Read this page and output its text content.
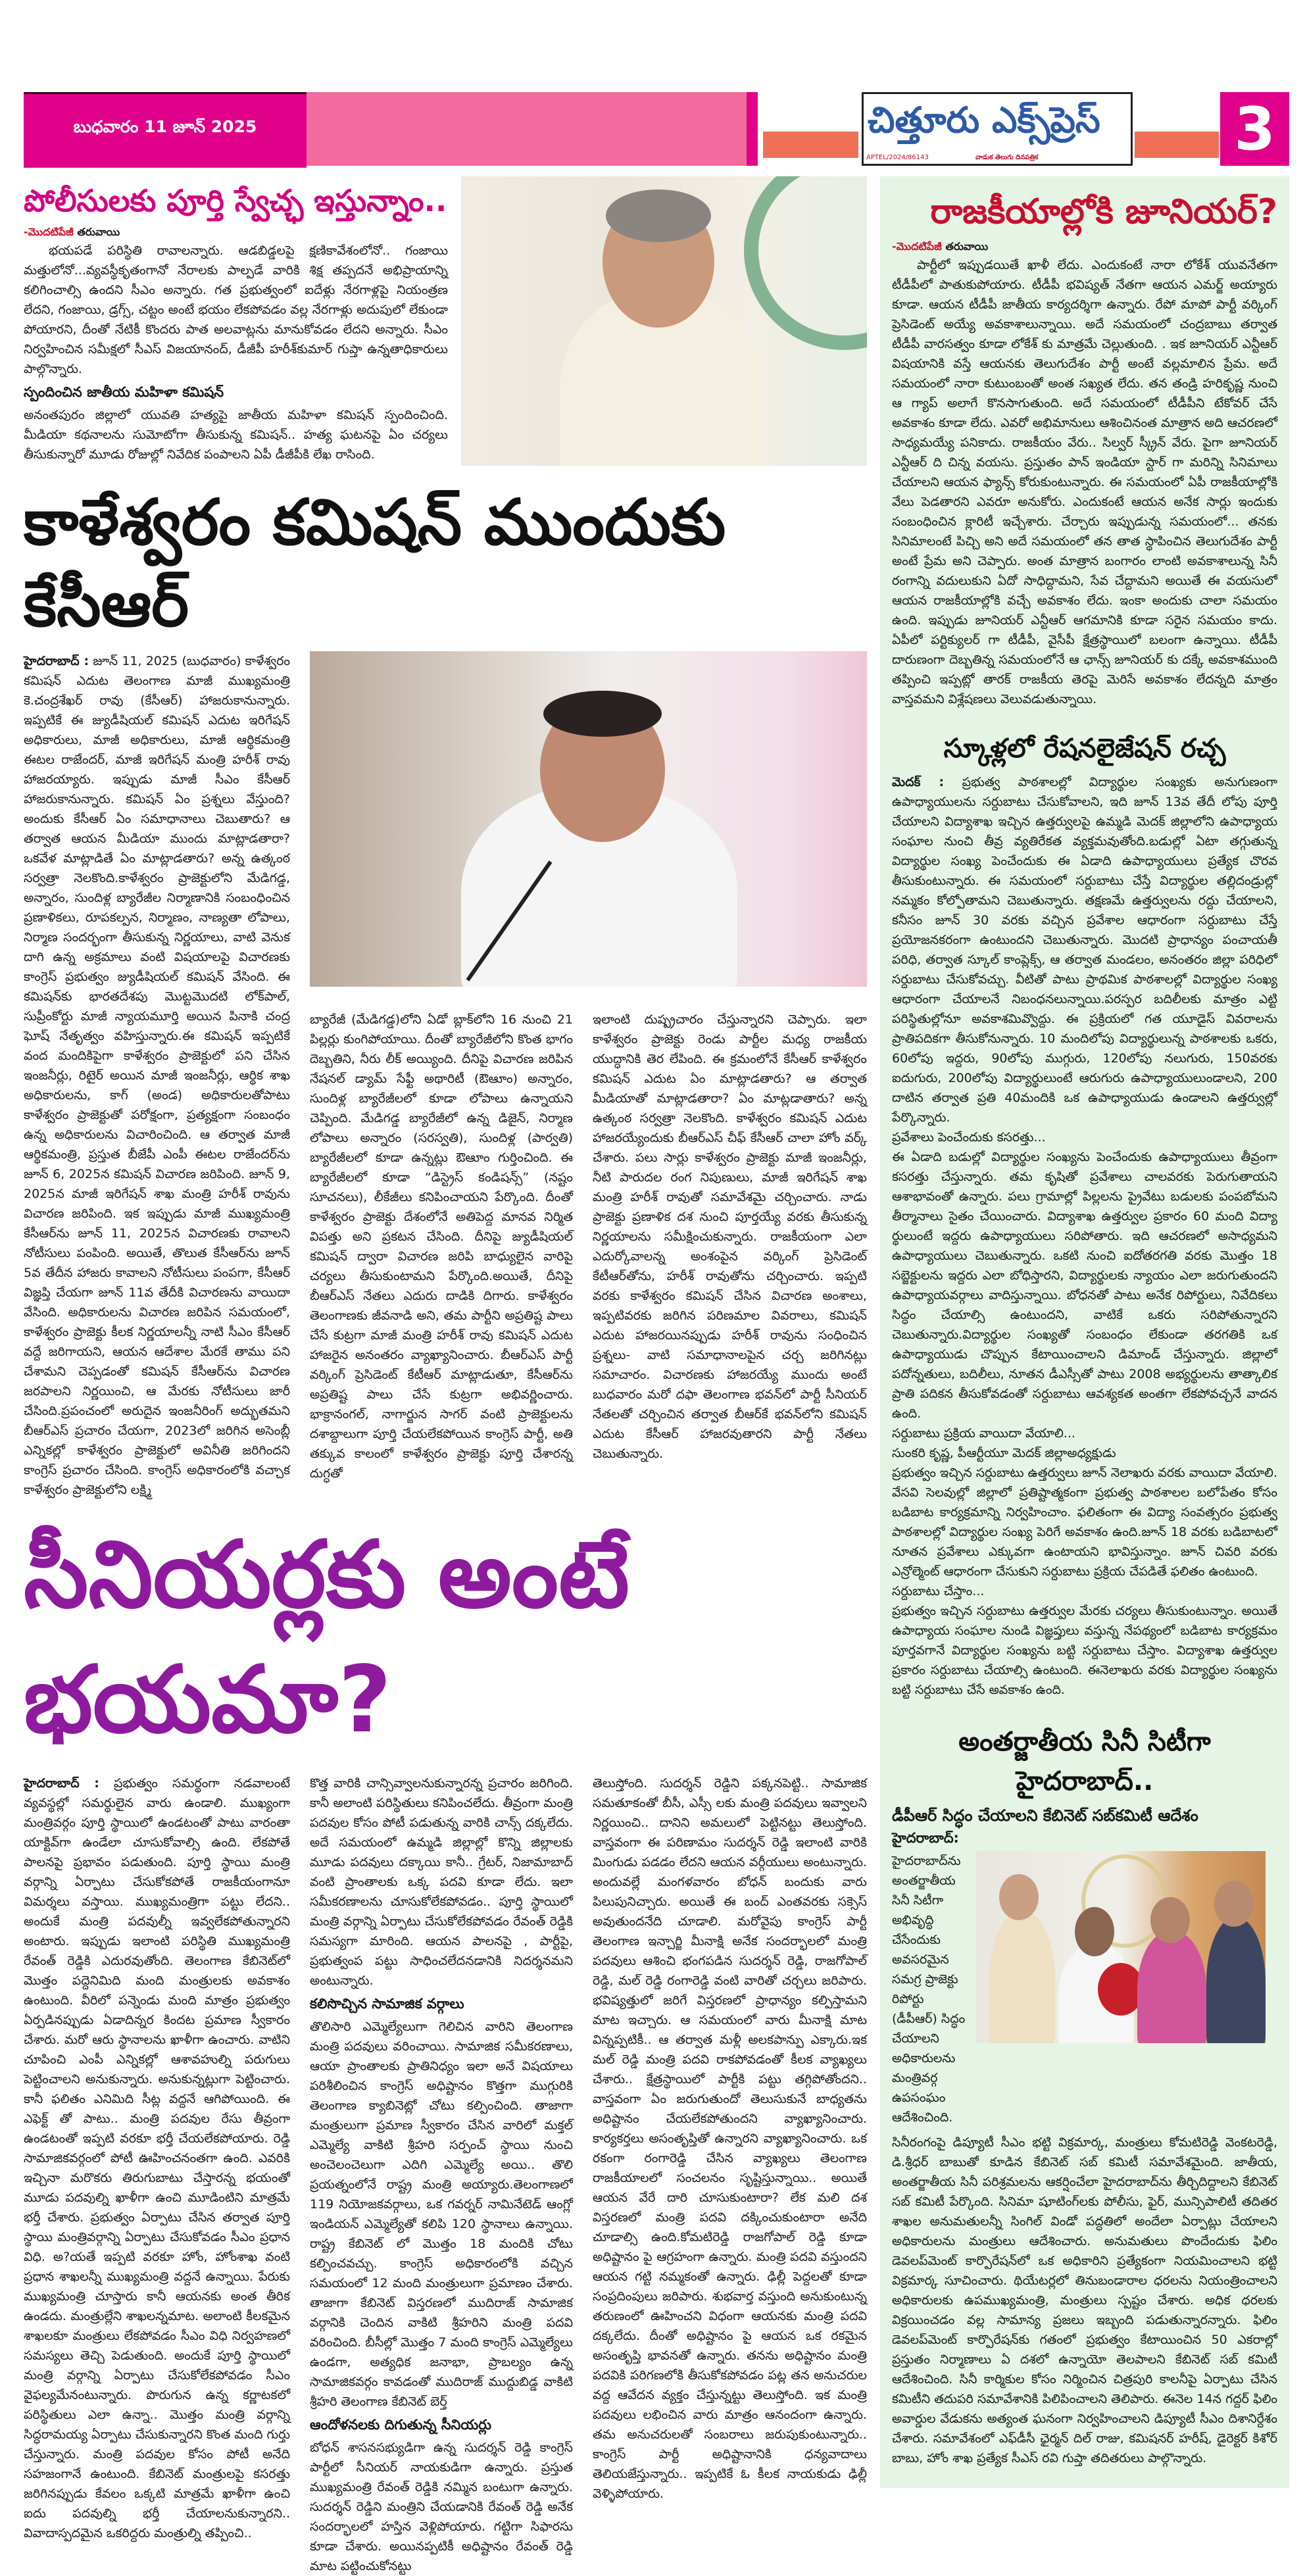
బుధవారం 11 జూన్ 2025	చిత్తూరు ఎక్స్‌ప్రెస్
APTEL/2024/86143	వాడుక తెలుగు దినపత్రిక	3
పోలీసులకు పూర్తి స్వేచ్ఛ ఇస్తున్నాం..
-మొదటిపేజీ తరువాయి

భయపడే పరిస్థితి రావాలన్నారు. ఆడబిడ్డలపై క్షణికావేశంలోనో.. గంజాయి మత్తులోనో...వ్యవస్థీకృతంగానో నేరాలకు పాల్పడే వారికి శిక్ష తప్పదనే అభిప్రాయాన్ని కలిగించాల్సి ఉందని సీఎం అన్నారు. గత ప్రభుత్వంలో ఐదేళ్లు నేరగాళ్లపై నియంత్రణ లేదని, గంజాయి, డ్రగ్స్, చట్టం అంటే భయం లేకపోవడం వల్ల నేరగాళ్లు అదుపులో లేకుండా పోయారని, దీంతో నేటికీ కొందరు పాత అలవాట్లను మానుకోవడం లేదని అన్నారు. సీఎం నిర్వహించిన సమీక్షలో సీఎస్ విజయానంద్, డీజీపీ హరీశ్‌కుమార్ గుప్తా ఉన్నతాధికారులు పాల్గొన్నారు.

స్పందించిన జాతీయ మహిళా కమిషన్

అనంతపురం జిల్లాలో యువతి హత్యపై జాతీయ మహిళా కమిషన్ స్పందించింది. మీడియా కథనాలను సుమోటోగా తీసుకున్న కమిషన్.. హత్య ఘటనపై ఏం చర్యలు తీసుకున్నారో మూడు రోజుల్లో నివేదిక పంపాలని ఏపీ డీజీపీకి లేఖ రాసింది.

కాళేశ్వరం కమిషన్ ముందుకు కేసీఆర్

హైదరాబాద్ : జూన్ 11, 2025 (బుధవారం) కాళేశ్వరం కమిషన్ ఎదుట తెలంగాణ మాజీ ముఖ్యమంత్రి కె.చంద్రశేఖర్ రావు (కేసీఆర్) హాజరుకానున్నారు. ఇప్పటికే ఈ జ్యుడీషియల్ కమిషన్ ఎదుట ఇరిగేషన్ అధికారులు, మాజీ అధికారులు, మాజీ ఆర్థికమంత్రి ఈటల రాజేందర్, మాజీ ఇరిగేషన్ మంత్రి హరీశ్ రావు హాజరయ్యారు. ఇప్పుడు మాజీ సీఎం కేసీఆర్ హాజరుకానున్నారు. కమిషన్ ఏం ప్రశ్నలు వేస్తుంది? అందుకు కేసీఆర్ ఏం సమాధానాలు చెబుతారు? ఆ తర్వాత ఆయన మీడియా ముందు మాట్లాడతారా? ఒకవేళ మాట్లాడితే ఏం మాట్లాడతారు? అన్న ఉత్కంఠ సర్వత్రా నెలకొంది.కాళేశ్వరం ప్రాజెక్టులోని మేడిగడ్డ, అన్నారం, సుందిళ్ల బ్యారేజీల నిర్మాణానికి సంబంధించిన ప్రణాళికలు, రూపకల్పన, నిర్మాణం, నాణ్యతా లోపాలు, నిర్మాణ సందర్భంగా తీసుకున్న నిర్ణయాలు, వాటి వెనుక దాగి ఉన్న అక్రమాలు వంటి విషయాలపై విచారణకు కాంగ్రెస్ ప్రభుత్వం జ్యుడీషియల్ కమిషన్ వేసింది. ఈ కమిషన్‌కు భారతదేశపు మొట్టమొదటి లోక్‌పాల్, సుప్రీంకోర్టు మాజీ న్యాయమూర్తి అయిన పినాకి చంద్ర ఘోష్ నేతృత్వం వహిస్తున్నారు.ఈ కమిషన్ ఇప్పటికే వంద మందికిపైగా కాళేశ్వరం ప్రాజెక్టులో పని చేసిన ఇంజనీర్లు, రిటైర్ అయిన మాజీ ఇంజనీర్లు, ఆర్థిక శాఖ అధికారులను, కాగ్ (అండ) అధికారులతోపాటు కాళేశ్వరం ప్రాజెక్టుతో పరోక్షంగా, ప్రత్యక్షంగా సంబంధం ఉన్న అధికారులను విచారించింది. ఆ తర్వాత మాజీ ఆర్థికమంత్రి, ప్రస్తుత బీజేపీ ఎంపీ ఈటల రాజేందర్‌ను జూన్ 6, 2025న కమిషన్ విచారణ జరిపింది. జూన్ 9, 2025న మాజీ ఇరిగేషన్ శాఖ మంత్రి హరీశ్ రావును విచారణ జరిపింది. ఇక ఇప్పుడు మాజీ ముఖ్యమంత్రి కేసీఆర్‌ను జూన్ 11, 2025న విచారణకు రావాలని నోటీసులు పంపింది. అయితే, తొలుత కేసీఆర్‌ను జూన్ 5వ తేదీన హాజరు కావాలని నోటీసులు పంపగా, కేసీఆర్ విజ్ఞప్తి చేయగా జూన్ 11వ తేదీకి విచారణను వాయిదా వేసింది. అధికారులను విచారణ జరిపిన సమయంలో, కాళేశ్వరం ప్రాజెక్టు కీలక నిర్ణయాలన్నీ నాటి సీఎం కేసీఆర్ వద్దే జరిగాయని, ఆయన ఆదేశాల మేరకే తాము పని చేశామని చెప్పడంతో కమిషన్ కేసీఆర్‌ను విచారణ జరపాలని నిర్ణయించి, ఆ మేరకు నోటీసులు జారీ చేసింది.ప్రపంచంలో అరుదైన ఇంజనీరింగ్ అద్భుతమని బీఆర్ఎస్ ప్రచారం చేయగా, 2023లో జరిగిన అసెంబ్లీ ఎన్నికల్లో కాళేశ్వరం ప్రాజెక్టులో అవినీతి జరిగిందని కాంగ్రెస్ ప్రచారం చేసింది. కాంగ్రెస్ అధికారంలోకి వచ్చాక కాళేశ్వరం ప్రాజెక్టులోని లక్ష్మి

బ్యారేజీ (మేడిగడ్డ)లోని ఏడో బ్లాక్‌లోని 16 నుంచి 21 పిల్లర్లు కుంగిపోయాయి. దీంతో బ్యారేజీలోని కొంత భాగం దెబ్బతిని, నీరు లీక్ అయ్యింది. దీనిపై విచారణ జరిపిన నేషనల్ డ్యామ్ సేఫ్టీ అథారిటీ (ఔఆూం) అన్నారం, సుందిళ్ల బ్యారేజీలలో కూడా లోపాలు ఉన్నాయని చెప్పింది. మేడిగడ్డ బ్యారేజీలో ఉన్న డిజైన్, నిర్మాణ లోపాలు అన్నారం (సరస్వతి), సుందిళ్ల (పార్వతి) బ్యారేజీలలో కూడా ఉన్నట్లు ఔఆూం గుర్తించింది. ఈ బ్యారేజీలలో కూడా “డిస్ట్రెస్ కండిషన్స్” (నష్టం సూచనలు), లీకేజీలు కనిపించాయని పేర్కొంది. దీంతో కాళేశ్వరం ప్రాజెక్టు దేశంలోనే అతిపెద్ద మానవ నిర్మిత విపత్తు అని ప్రకటన చేసింది. దీనిపై జ్యుడీషియల్ కమిషన్ ద్వారా విచారణ జరిపి బాధ్యులైన వారిపై చర్యలు తీసుకుంటామని పేర్కొంది.అయితే, దీనిపై బీఆర్ఎస్ నేతలు ఎదురు దాడికి దిగారు. కాళేశ్వరం తెలంగాణకు జీవనాడి అని, తమ పార్టీని అప్రతిష్ట పాలు చేసే కుట్రగా మాజీ మంత్రి హరీశ్ రావు కమిషన్ ఎదుట హాజరైన అనంతరం వ్యాఖ్యానించారు. బీఆర్ఎస్ పార్టీ వర్కింగ్ ప్రెసిడెంట్ కేటీఆర్ మాట్లాడుతూ, కేసీఆర్‌ను అప్రతిష్ట పాలు చేసే కుట్రగా అభివర్ణించారు. భాక్రానంగల్, నాగార్జున సాగర్ వంటి ప్రాజెక్టులను దశాబ్దాలుగా పూర్తి చేయలేకపోయిన కాంగ్రెస్ పార్టీ, అతి తక్కువ కాలంలో కాళేశ్వరం ప్రాజెక్టు పూర్తి చేశారన్న దుగ్ధతో

ఇలాంటి దుష్ప్రచారం చేస్తున్నారని చెప్పారు. ఇలా కాళేశ్వరం ప్రాజెక్టు రెండు పార్టీల మధ్య రాజకీయ యుద్ధానికి తెర లేపింది. ఈ క్రమంలోనే కేసీఆర్ కాళేశ్వరం కమిషన్ ఎదుట ఏం మాట్లాడతారు? ఆ తర్వాత మీడియాతో మాట్లాడతారా? ఏం మాట్లడాతారు? అన్న ఉత్కంఠ సర్వత్రా నెలకొంది. కాళేశ్వరం కమిషన్ ఎదుట హాజరయ్యేందుకు బీఆర్ఎస్ చీఫ్ కేసీఆర్ చాలా హోం వర్క్ చేశారు. పలు సార్లు కాళేశ్వరం ప్రాజెక్టు మాజీ ఇంజనీర్లు, నీటి పారుదల రంగ నిపుణులు, మాజీ ఇరిగేషన్ శాఖ మంత్రి హరీశ్ రావుతో సమావేశమై చర్చించారు. నాడు ప్రాజెక్టు ప్రణాళిక దశ నుంచి పూర్తయ్యే వరకు తీసుకున్న నిర్ణయాలను సమీక్షించుకున్నారు. రాజకీయంగా ఎలా ఎదుర్కోవాలన్న అంశంపైన వర్కింగ్ ప్రెసిడెంట్ కేటీఆర్‌తోను, హరీశ్ రావుతోను చర్చించారు. ఇప్పటి వరకు కాళేశ్వరం కమిషన్ చేసిన విచారణ అంశాలు, ఇప్పటివరకు జరిగిన పరిణమాల వివరాలు, కమిషన్ ఎదుట హాజరయినప్పుడు హరీశ్ రావును సంధించిన ప్రశ్నలు- వాటి సమాధానాలపైన చర్చ జరిగినట్లు సమాచారం. విచారణకు హాజరయ్యే ముందు అంటే బుధవారం మరో దఫా తెలంగాణ భవన్‌లో పార్టీ సీనియర్ నేతలతో చర్చించిన తర్వాత బీఆర్‌కే భవన్‌లోని కమిషన్ ఎదుట కేసీఆర్ హాజరవుతారని పార్టీ నేతలు చెబుతున్నారు.

సీనియర్లకు అంటే భయమా?

హైదరాబాద్ : ప్రభుత్వం సమర్థంగా నడవాలంటే వ్యవస్థల్లో సమర్థులైన వారు ఉండాలి. ముఖ్యంగా మంత్రివర్గం పూర్తి స్థాయిలో ఉండటంతో పాటు వారంతా యాక్టివ్‌గా ఉండేలా చూసుకోవాల్సి ఉంది. లేకపోతే పాలనపై ప్రభావం పడుతుంది. పూర్తి స్థాయి మంత్రి వర్గాన్ని ఏర్పాటు చేసుకోకపోతే రాజకీయంగానూ విమర్శలు వస్తాయి. ముఖ్యమంత్రిగా పట్టు లేదని.. అందుకే మంత్రి పదవుల్నీ ఇవ్వలేకపోతున్నారని అంటారు. ఇప్పుడు ఇలాంటి పరిస్థితి ముఖ్యమంత్రి రేవంత్ రెడ్డికి ఎదురవుతోంది. తెలంగాణ కేబినెట్‌లో మొత్తం పద్దెనిమిది మంది మంత్రులకు అవకాశం ఉంటుంది. వీరిలో పన్నెండు మంది మాత్రం ప్రభుత్వం ఏర్పడినప్పుడు ఏడాదిన్నర కిందట ప్రమాణ స్వీకారం చేశారు. మరో ఆరు స్థానాలను ఖాళీగా ఉంచారు. వాటిని చూపించి ఎంపీ ఎన్నికల్లో ఆశావహుల్ని పరుగులు పెట్టించాలని అనుకున్నారు. అనుకున్నట్లుగా పెట్టించారు. కానీ ఫలితం ఎనిమిది సీట్ల వద్దనే ఆగిపోయింది. ఈ ఎఫెక్ట్ తో పాటు.. మంత్రి పదవుల రేసు తీవ్రంగా ఉండటంతో ఇప్పటి వరకూ భర్తీ చేయలేకపోయారు. రెడ్డి సామాజికవర్గంలో పోటీ ఊహించనంతగా ఉంది. ఎవరికి ఇచ్చినా మరొకరు తిరుగుబాటు చేస్తారన్న భయంతో మూడు పదవుల్ని ఖాళీగా ఉంచి మూడింటిని మాత్రమే భర్తీ చేశారు. ప్రభుత్వం ఏర్పాటు చేసిన తర్వాత పూర్తి స్థాయి మంత్రివర్గాన్ని ఏర్పాటు చేసుకోవడం సీఎం ప్రధాన విధి. అ?యతే ఇప్పటి వరకూ హోం, హోంశాఖ వంటి ప్రధాన శాఖలన్నీ ముఖ్యమంత్రి వద్దనే ఉన్నాయి. పేరుకు ముఖ్యమంత్రి చూస్తారు కానీ ఆయనకు అంత తీరిక ఉండదు. మంత్రుల్లేని శాఖలన్నమాట. అలాంటి కీలకమైన శాఖలకూ మంత్రులు లేకపోవడం సీఎం విధి నిర్వహణలో సమస్యలు తెచ్చి పెడుతుంది. అందుకే పూర్తి స్థాయిలో మంత్రి వర్గాన్ని ఏర్పాటు చేసుకోలేకపోవడం సీఎం వైఫల్యమేనంటున్నారు. పొరుగున ఉన్న కర్ణాటకలో పరిస్థితులు ఎలా ఉన్నా.. మొత్తం మంత్రి వర్గాన్ని సిద్ధరామయ్య ఏర్పాటు చేసుకున్నారని కొంత మంది గుర్తు చేస్తున్నారు. మంత్రి పదవుల కోసం పోటీ అనేది సహజంగానే ఉంటుంది. కేబినెట్ మంత్రులపై కసరత్తు జరిగినప్పుడు కేవలం ఒక్కటి మాత్రమే ఖాళీగా ఉంచి ఐదు పదవుల్ని భర్తీ చేయాలనుకున్నారని.. వివాదాస్పదమైన ఒకరిద్దరు మంత్రుల్ని తప్పించి..

కొత్త వారికి చాన్సివ్వాలనుకున్నారన్న ప్రచారం జరిగింది. కానీ అలాంటి పరిస్థితులు కనిపించలేదు. తీవ్రంగా మంత్రి పదవుల కోసం పోటీ పడుతున్న వారికి చాన్స్ దక్కలేదు. అదే సమయంలో ఉమ్మడి జిల్లాల్లో కొన్ని జిల్లాలకు మూడు పదవులు దక్కాయి కానీ.. గ్రేటర్, నిజామాబాద్ వంటి ప్రాంతాలకు ఒక్క పదవి కూడా లేదు. ఇలా సమీకరణాలను చూసుకోలేకపోవడం.. పూర్తి స్థాయిలో మంత్రి వర్గాన్ని ఏర్పాటు చేసుకోలేకపోవడం రేవంత్ రెడ్డికి సమస్యగా మారింది. ఆయన పాలనపై , పార్టీపై, ప్రభుత్వంప పట్టు సాధించలేదనడానికి నిదర్శనమని అంటున్నారు.

కలిసొచ్చిన సామాజిక వర్గాలు

తొలిసారి ఎమ్మెల్యేలుగా గెలిచిన వారిని తెలంగాణ మంత్రి పదవులు వరించాయి. సామాజిక సమీకరణాలు, ఆయా ప్రాంతాలకు ప్రాతినిధ్యం ఇలా అనే విషయాలు పరిశీలించిన కాంగ్రెస్ అధిష్టానం కొత్తగా ముగ్గురికి తెలంగాణ క్యాబినెట్లో చోటు కల్పించింది. తాజాగా మంత్రులుగా ప్రమాణ స్వీకారం చేసిన వారిలో మక్తల్ ఎమ్మెల్యే వాకిటి శ్రీహరి సర్పంచ్ స్థాయి నుంచి అంచెలంచెలుగా ఎదిగి ఎమ్మెల్యే అయి.. తొలి ప్రయత్నంలోనే రాష్ట్ర మంత్రి అయ్యారు.తెలంగాణలో 119 నియోజకవర్గాలు, ఒక గవర్నర్ నామినేటెడ్ ఆంగ్లో ఇండియన్ ఎమ్మెల్యేతో కలిపి 120 స్థానాలు ఉన్నాయి. రాష్ట్ర కేబినెట్ లో మొత్తం 18 మందికి చోటు కల్పించవచ్చు. కాంగ్రెస్ అధికారంలోకి వచ్చిన సమయంలో 12 మంది మంత్రులుగా ప్రమాణం చేశారు. తాజాగా కేబినెట్ విస్తరణలో ముదిరాజ్ సామాజిక వర్గానికి చెందిన వాకిటి శ్రీహరిని మంత్రి పదవి వరించింది. బీసీల్లో మొత్తం 7 మంది కాంగ్రెస్ ఎమ్మెల్యేలు ఉండగా, అత్యధిక జనాభా, ప్రాబల్యం ఉన్న సామాజికవర్గం కావడంతో ముదిరాజ్ ముద్దుబిడ్డ వాకిటి శ్రీహరి తెలంగాణ కేబినెట్ బెర్త్

ఆందోళనలకు దిగుతున్న సీనియర్లు

బోధన్ శాసనసభ్యుడిగా ఉన్న సుదర్శన్ రెడ్డి కాంగ్రెస్ పార్టీలో సీనియర్ నాయకుడిగా ఉన్నారు. ప్రస్తుత ముఖ్యమంత్రి రేవంత్ రెడ్డికి నమ్మిన బంటుగా ఉన్నారు. సుదర్శన్ రెడ్డిని మంత్రిని చేయడానికి రేవంత్ రెడ్డి అనేక సందర్భాలలో హస్తిన వెళ్లిపోయారు. గట్టిగా సిఫారసు కూడా చేశారు. అయినప్పటికీ అధిష్టానం రేవంత్ రెడ్డి మాట పట్టించుకోనట్టు

తెలుస్తోంది. సుదర్శన్ రెడ్డిని పక్కనపెట్టి.. సామాజిక సమతూకంతో బీసీ, ఎస్సీ లకు మంత్రి పదవులు ఇవ్వాలని నిర్ణయించి.. దానిని అమలులో పెట్టినట్టు తెలుస్తోంది. వాస్తవంగా ఈ పరిణామం సుదర్శన్ రెడ్డి ఇలాంటి వారికి మింగుడు పడడం లేదని ఆయన వర్గీయులు అంటున్నారు. అందువల్లే మంగళవారం బోధన్ బందుకు వారు పిలుపునిచ్చారు. అయితే ఈ బంద్ ఎంతవరకు సక్సెస్ అవుతుందనేది చూడాలి. మరోవైపు కాంగ్రెస్ పార్టీ తెలంగాణ ఇన్చార్జి మీనాక్షి అనేక సందర్భాలలో మంత్రి పదవులు ఆశించి భంగపడిన సుదర్శన్ రెడ్డి, రాజగోపాల్ రెడ్డి, మల్ రెడ్డి రంగారెడ్డి వంటి వారితో చర్చలు జరిపారు. భవిష్యత్తులో జరిగే విస్తరణలో ప్రాధాన్యం కల్పిస్తామని మాట ఇచ్చారు. ఆ సమయంలో వారు మీనాక్షి మాట విన్నప్పటికీ.. ఆ తర్వాత మళ్లీ అలకపాన్పు ఎక్కారు.ఇక మల్ రెడ్డి మంత్రి పదవి రాకపోవడంతో కీలక వ్యాఖ్యలు చేశారు.. క్షేత్రస్థాయిలో పార్టీకి పట్టు తగ్గిపోతోందని.. వాస్తవంగా ఏం జరుగుతుందో తెలుసుకునే బాధ్యతను అధిష్టానం చేయలేకపోతుందని వ్యాఖ్యానించారు. కార్యకర్తలు అసంతృప్తితో ఉన్నారని వ్యాఖ్యానించారు. ఒక రకంగా రంగారెడ్డి చేసిన వ్యాఖ్యలు తెలంగాణ రాజకీయాలలో సంచలనం సృష్టిస్తున్నాయి.. అయితే ఆయన వేరే దారి చూసుకుంటారా? లేక మలి దశ విస్తరణలో మంత్రి పదవి దక్కించుకుంటారా అనేది చూడాల్సి ఉంది.కోమటిరెడ్డి రాజగోపాల్ రెడ్డి కూడా అధిష్టానం పై ఆగ్రహంగా ఉన్నారు. మంత్రి పదవి వస్తుందని ఆయన గట్టి నమ్మకంతో ఉన్నారు. ఢిల్లీ పెద్దలతో కూడా సంప్రదింపులు జరిపారు. శుభవార్త వస్తుంది అనుకుంటున్న తరుణంలో ఊహించని విధంగా ఆయనకు మంత్రి పదవి దక్కలేదు. దీంతో అధిష్టానం పై ఆయన ఒక రకమైన అసంతృప్తి భావనతో ఉన్నారు. తనను అధిష్టానం మంత్రి పదవికి పరిగణలోకి తీసుకోకపోవడం పట్ల తన అనుచరుల వద్ద ఆవేదన వ్యక్తం చేస్తున్నట్టు తెలుస్తోంది. ఇక మంత్రి పదవులు లభించిన వారు మాత్రం ఆనందంగా ఉన్నారు. తమ అనుచరులతో సంబరాలు జరుపుకుంటున్నారు.. కాంగ్రెస్ పార్టీ అధిష్టానానికి ధన్యవాదాలు తెలియజేస్తున్నారు.. ఇప్పటికే ఓ కీలక నాయకుడు ఢిల్లీ వెళ్ళిపోయారు.

రాజకీయాల్లోకి జూనియర్?
-మొదటిపేజీ తరువాయి

పార్టీలో ఇప్పుడయితే ఖాళీ లేదు. ఎందుకంటే నారా లోకేశ్ యువనేతగా టీడీపీలో పాతుకుపోయారు. టీడీపీ భవిష్యత్ నేతగా ఆయన ఎమర్జ్ అయ్యారు కూడా. ఆయన టీడీపీ జాతీయ కార్యదర్శిగా ఉన్నారు. రేపో మాపో పార్టీ వర్కింగ్ ప్రెసిడెంట్ అయ్యే అవకాశాలున్నాయి. అదే సమయంలో చంద్రబాబు తర్వాత టీడీపీ వారసత్వం కూడా లోకేశ్ కు మాత్రమే చెల్లుతుంది. . ఇక జూనియర్ ఎన్టీఆర్ విషయానికి వస్తే ఆయనకు తెలుగుదేశం పార్టీ అంటే వల్లమాలిన ప్రేమ. అదే సమయంలో నారా కుటుంబంతో అంత సఖ్యత లేదు. తన తండ్రి హరికృష్ణ నుంచి ఆ గ్యాప్ అలాగే కొనసాగుతుంది. అదే సమయంలో టీడీపీని టేకోవర్ చేసే అవకాశం కూడా లేదు. ఎవరో అభిమానులు ఆశించినంత మాత్రాన అది ఆచరణలో సాధ్యమయ్యే పనికాదు. రాజకీయం వేరు.. సిల్వర్ స్క్రీన్ వేరు. పైగా జూనియర్ ఎన్టీఆర్ ది చిన్న వయసు. ప్రస్తుతం పాన్ ఇండియా స్టార్ గా మరిన్ని సినిమాలు చేయాలని ఆయన ఫ్యాన్స్ కోరుకుంటున్నారు. ఈ సమయంలో ఏపీ రాజకీయాల్లోకి వేలు పెడతారని ఎవరూ అనుకోరు. ఎందుకంటే ఆయన అనేక సార్లు ఇందుకు సంబంధించిన క్లారిటీ ఇచ్చేశారు. చేర్చారు ఇప్పుడున్న సమయంలో... తనకు సినిమాలంటే పిచ్చి అని అదే సమయంలో తన తాత స్థాపించిన తెలుగుదేశం పార్టీ అంటే ప్రేమ అని చెప్పారు. అంత మాత్రాన బంగారం లాంటి అవకాశాలున్న సినీ రంగాన్ని వదులుకుని ఏదో సాధిద్దామని, సేవ చేద్దామని అయితే ఈ వయసులో ఆయన రాజకీయాల్లోకి వచ్చే అవకాశం లేదు. ఇంకా అందుకు చాలా సమయం ఉంది. ఇప్పుడు జూనియర్ ఎన్టీఆర్ ఆగమానికి కూడా సరైన సమయం కాదు. ఏపీలో పర్టిక్యులర్ గా టీడీపీ, వైసీపీ క్షేత్రస్థాయిలో బలంగా ఉన్నాయి. టీడీపీ దారుణంగా దెబ్బతిన్న సమయంలోనే ఆ ఛాన్స్ జూనియర్ కు దక్కే అవకాశముంది తప్పించి ఇప్పట్లో తారక్ రాజకీయ తెరపై మెరిసే అవకాశం లేదన్నది మాత్రం వాస్తవమని విశ్లేషణలు వెలువడుతున్నాయి.

స్కూళ్లలో రేషనలైజేషన్ రచ్చ

మెదక్ : ప్రభుత్వ పాఠశాలల్లో విద్యార్థుల సంఖ్యకు అనుగుణంగా ఉపాధ్యాయులను సర్దుబాటు చేసుకోవాలని, ఇది జూన్ 13వ తేదీ లోపు పూర్తి చేయాలని విద్యాశాఖ ఇచ్చిన ఉత్తర్వులపై ఉమ్మడి మెదక్ జిల్లాలోని ఉపాధ్యాయ సంఘాల నుంచి తీవ్ర వ్యతిరేకత వ్యక్తమవుతోంది.బడుల్లో ఏటా తగ్గుతున్న విద్యార్థుల సంఖ్య పెంచేందుకు ఈ ఏడాది ఉపాధ్యాయులు ప్రత్యేక చొరవ తీసుకుంటున్నారు. ఈ సమయంలో సర్దుబాటు చేస్తే విద్యార్థుల తల్లిదండ్రుల్లో నమ్మకం కోల్పోతామని చెబుతున్నారు. తక్షణమే ఉత్తర్వులను రద్దు చేయాలని, కనీసం జూన్ 30 వరకు వచ్చిన ప్రవేశాల ఆధారంగా సర్దుబాటు చేస్తే ప్రయోజనకరంగా ఉంటుందని చెబుతున్నారు. మొదటి ప్రాధాన్యం పంచాయతీ పరిధి, తర్వాత స్కూల్ కాంప్లెక్స్, ఆ తర్వాత మండలం, అనంతరం జిల్లా పరిధిలో సర్దుబాటు చేసుకోవచ్చు. వీటితో పాటు ప్రాథమిక పాఠశాలల్లో విద్యార్థుల సంఖ్య ఆధారంగా చేయాలనే నిబంధనలున్నాయి.పరస్పర బదిలీలకు మాత్రం ఎట్టి పరిస్థితుల్లోనూ అవకాశమివ్వొద్దు. ఈ ప్రక్రియలో గత యూడైస్ వివరాలను ప్రాతిపదికగా తీసుకోనున్నారు. 10 మందిలోపు విద్యార్థులున్న పాఠశాలకు ఒకరు, 60లోపు ఇద్దరు, 90లోపు ముగ్గురు, 120లోపు నలుగురు, 150వరకు ఐదుగురు, 200లోపు విద్యార్థులుంటే ఆరుగురు ఉపాధ్యాయులుండాలని, 200 దాటిన తర్వాత ప్రతి 40మందికి ఒక ఉపాధ్యాయుడు ఉండాలని ఉత్తర్వుల్లో పేర్కొన్నారు.

ప్రవేశాలు పెంచేందుకు కసరత్తు...

ఈ ఏడాది బడుల్లో విద్యార్థుల సంఖ్యను పెంచేందుకు ఉపాధ్యాయులు తీవ్రంగా కసరత్తు చేస్తున్నారు. తమ కృషితో ప్రవేశాలు చాలవరకు పెరుగుతాయని ఆశాభావంతో ఉన్నారు. పలు గ్రామాల్లో పిల్లలను ప్రైవేటు బడులకు పంపబోమని తీర్మానాలు సైతం చేయించారు. విద్యాశాఖ ఉత్తర్వుల ప్రకారం 60 మంది విద్యా ర్థులుంటే ఇద్దరు ఉపాధ్యాయులు సరిపోతారు. ఇది ఆచరణలో అసాధ్యమని ఉపాధ్యాయులు చెబుతున్నారు. ఒకటి నుంచి ఐదోతరగతి వరకు మొత్తం 18 సబ్జెక్టులను ఇద్దరు ఎలా బోధిస్తారని, విద్యార్థులకు న్యాయం ఎలా జరుగుతుందని ఉపాధ్యాయవర్గాలు వాదిస్తున్నాయి. బోధనతో పాటు అనేక రిపోర్టులు, నివేదికలు సిద్ధం చేయాల్సి ఉంటుందని, వాటికే ఒకరు సరిపోతున్నారని చెబుతున్నారు.విద్యార్థుల సంఖ్యతో సంబంధం లేకుండా తరగతికి ఒక ఉపాధ్యాయుడు చొప్పున కేటాయించాలని డిమాండ్ చేస్తున్నారు. జిల్లాలో పదోన్నతులు, బదిలీలు, నూతన డీఎస్సీతో పాటు 2008 అభ్యర్థులను తాత్కాలిక ప్రాతి పదికన తీసుకోవడంతో సర్దుబాటు ఆవశ్యకత అంతగా లేకపోవచ్చనే వాదన ఉంది.

సర్దుబాటు ప్రక్రియ వాయిదా వేయాలి...

సుంకరి కృష్ణ, పీఆర్టీయూ మెదక్ జిల్లాఅధ్యక్షుడు

ప్రభుత్వం ఇచ్చిన సర్దుబాటు ఉత్తర్వులు జూన్ నెలాఖరు వరకు వాయిదా వేయాలి. వేసవి సెలవుల్లో జిల్లాలో ప్రతిష్టాత్మకంగా ప్రభుత్వ పాఠశాలల బలోపేతం కోసం బడిబాట కార్యక్రమాన్ని నిర్వహించాం. ఫలితంగా ఈ విద్యా సంవత్సరం ప్రభుత్వ పాఠశాలల్లో విద్యార్థుల సంఖ్య పెరిగే అవకాశం ఉంది.జూన్ 18 వరకు బడిబాటలో నూతన ప్రవేశాలు ఎక్కువగా ఉంటాయని భావిస్తున్నాం. జూన్ చివరి వరకు ఎన్రోల్మెంట్ ఆధారంగా చేసుకుని సర్దుబాటు ప్రక్రియ చేపడితే ఫలితం ఉంటుంది.

సర్దుబాటు చేస్తాం...

ప్రభుత్వం ఇచ్చిన సర్దుబాటు ఉత్తర్వుల మేరకు చర్యలు తీసుకుంటున్నాం. అయితే ఉపాధ్యాయ సంఘాల నుండి విజ్ఞప్తులు వస్తున్న నేపథ్యంలో బడిబాట కార్యక్రమం పూర్తవగానే విద్యార్థుల సంఖ్యను బట్టి సర్దుబాటు చేస్తాం. విద్యాశాఖ ఉత్తర్వుల ప్రకారం సర్దుబాటు చేయాల్సి ఉంటుంది. ఈనెలాఖరు వరకు విద్యార్థుల సంఖ్యను బట్టి సర్దుబాటు చేసే అవకాశం ఉంది.

అంతర్జాతీయ సినీ సిటీగా హైదరాబాద్..
డీపీఆర్ సిద్ధం చేయాలని కేబినెట్ సబ్‌కమిటీ ఆదేశం
హైదరాబాద్:

హైదరాబాద్‌ను అంతర్జాతీయ సినీ సిటీగా అభివృద్ధి చేసేందుకు అవసరమైన సమగ్ర ప్రాజెక్టు రిపోర్టు (డీపీఆర్) సిద్ధం చేయాలని అధికారులను మంత్రివర్గ ఉపసంఘం ఆదేశించింది.

సినీరంగంపై డిప్యూటీ సీఎం భట్టి విక్రమార్క, మంత్రులు కోమటిరెడ్డి వెంకటరెడ్డి, డి.శ్రీధర్ బాబుతో కూడిన కేబినెట్ సబ్ కమిటీ సమావేశమైంది. జాతీయ, అంతర్జాతీయ సినీ పరిశ్రమలను ఆకర్షించేలా హైదరాబాద్‌ను తీర్చిదిద్దాలని కేబినెట్ సబ్ కమిటీ పేర్కొంది. సినిమా షూటింగ్‌లకు పోలీసు, ఫైర్, మున్సిపాలిటీ తదితర శాఖల అనుమతులన్నీ సింగిల్ విండో పద్ధతిలో అందేలా ఏర్పాట్లు చేయాలని అధికారులను మంత్రులు ఆదేశించారు. అనుమతులు పొందేందుకు ఫిలిం డెవలప్‌మెంట్ కార్పొరేషన్‌లో ఒక అధికారిని ప్రత్యేకంగా నియమించాలని భట్టి విక్రమార్క సూచించారు. థియేటర్లలో తినుబండారాల ధరలను నియంత్రించాలని అధికారులకు ఉపముఖ్యమంత్రి, మంత్రులు స్పష్టం చేశారు. అధిక ధరలకు విక్రయించడం వల్ల సామాన్య ప్రజలు ఇబ్బంది పడుతున్నారన్నారు. ఫిలిం డెవలప్‌మెంట్ కార్పొరేషన్‌కు గతంలో ప్రభుత్వం కేటాయించిన 50 ఎకరాల్లో ప్రస్తుతం నిర్మాణాలు ఏ దశలో ఉన్నాయో తెలపాలని కేబినెట్ సబ్ కమిటీ ఆదేశించింది. సినీ కార్మికుల కోసం నిర్మించిన చిత్రపురి కాలనీపై ఏర్పాటు చేసిన కమిటీని తదుపరి సమావేశానికి పిలిపించాలని తెలిపారు. ఈనెల 14న గద్దర్ ఫిలిం అవార్డుల వేడుకను అత్యంత ఘనంగా నిర్వహించాలని డిప్యూటీ సీఎం దిశానిర్దేశం చేశారు. సమావేశంలో ఎఫ్‌డీసీ ఛైర్మన్ దిల్ రాజు, కమిషనర్ హరీష్, డైరెక్టర్ కిశోర్ బాబు, హోం శాఖ ప్రత్యేక సీఎస్ రవి గుప్తా తదితరులు పాల్గొన్నారు.
